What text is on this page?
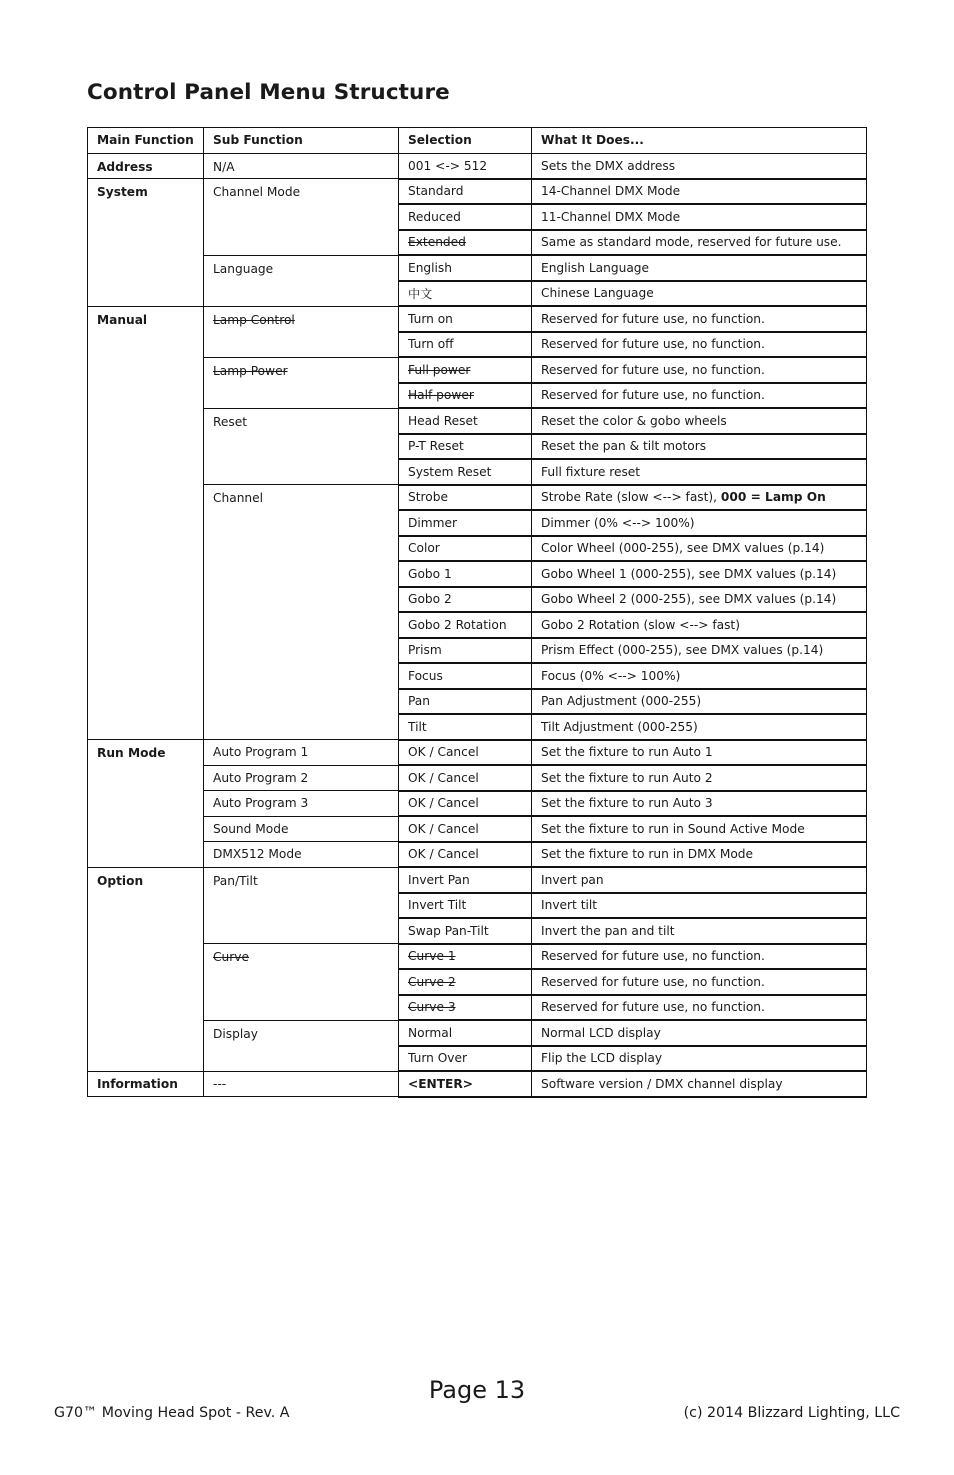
Control Panel Menu Structure
Main Function	Sub Function	Selection	What It Does...
Address	N/A	001 <-> 512	Sets the DMX address
System	Channel Mode	Standard	14-Channel DMX Mode
		Reduced	11-Channel DMX Mode
		Extended	Same as standard mode, reserved for future use.
	Language	English	English Language
		中文	Chinese Language
Manual	Lamp Control	Turn on	Reserved for future use, no function.
		Turn off	Reserved for future use, no function.
	Lamp Power	Full power	Reserved for future use, no function.
		Half power	Reserved for future use, no function.
	Reset	Head Reset	Reset the color & gobo wheels
		P-T Reset	Reset the pan & tilt motors
		System Reset	Full fixture reset
	Channel	Strobe	Strobe Rate (slow <--> fast), 000 = Lamp On
		Dimmer	Dimmer (0% <--> 100%)
		Color	Color Wheel (000-255), see DMX values (p.14)
		Gobo 1	Gobo Wheel 1 (000-255), see DMX values (p.14)
		Gobo 2	Gobo Wheel 2 (000-255), see DMX values (p.14)
		Gobo 2 Rotation	Gobo 2 Rotation (slow <--> fast)
		Prism	Prism Effect (000-255), see DMX values (p.14)
		Focus	Focus (0% <--> 100%)
		Pan	Pan Adjustment (000-255)
		Tilt	Tilt Adjustment (000-255)
Run Mode	Auto Program 1	OK / Cancel	Set the fixture to run Auto 1
	Auto Program 2	OK / Cancel	Set the fixture to run Auto 2
	Auto Program 3	OK / Cancel	Set the fixture to run Auto 3
	Sound Mode	OK / Cancel	Set the fixture to run in Sound Active Mode
	DMX512 Mode	OK / Cancel	Set the fixture to run in DMX Mode
Option	Pan/Tilt	Invert Pan	Invert pan
		Invert Tilt	Invert tilt
		Swap Pan-Tilt	Invert the pan and tilt
	Curve	Curve 1	Reserved for future use, no function.
		Curve 2	Reserved for future use, no function.
		Curve 3	Reserved for future use, no function.
	Display	Normal	Normal LCD display
		Turn Over	Flip the LCD display
Information	---	<ENTER>	Software version / DMX channel display
Page 13
G70™ Moving Head Spot - Rev. A	(c) 2014 Blizzard Lighting, LLC
